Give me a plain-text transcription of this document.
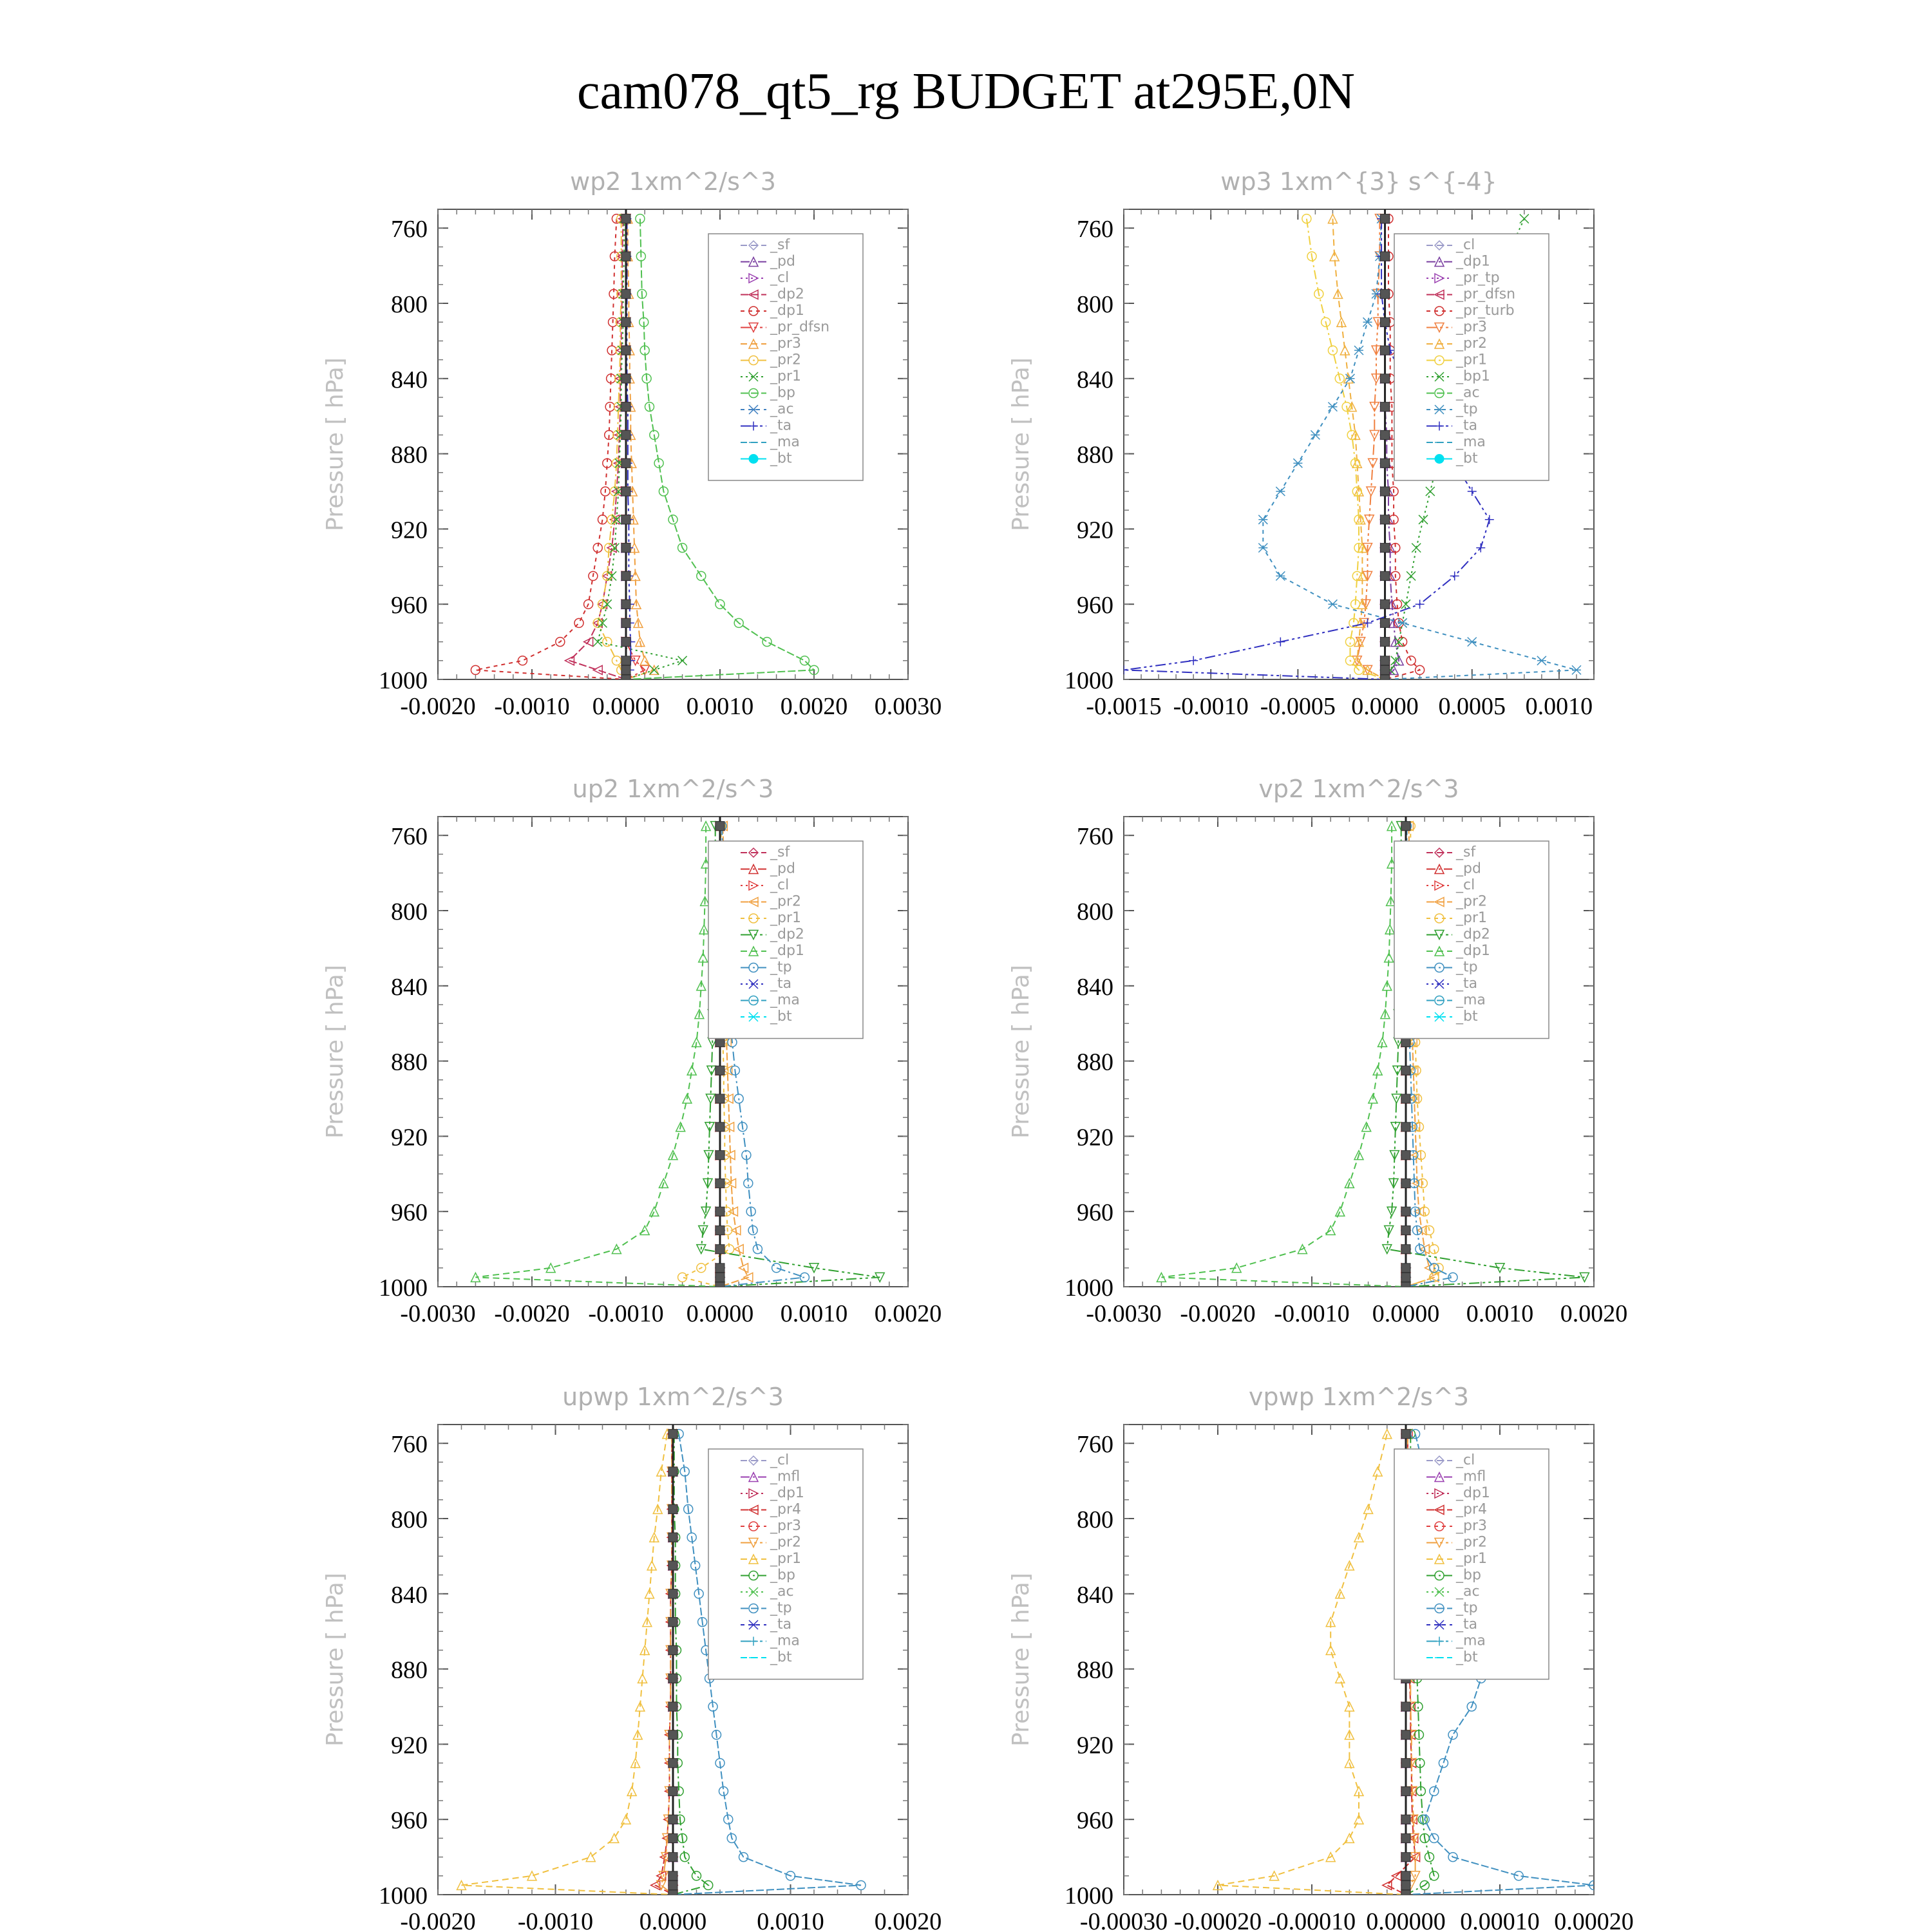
cam078_qt5_rg BUDGET at295E,0N
wp2 1xm^2/s^3
Pressure [ hPa]
760
800
840
880
920
960
1000
-0.0020 -0.0010 0.0000 0.0010 0.0020 0.0030
_sf
_pd
_cl
_dp2
_dp1
_pr_dfsn
_pr3
_pr2
_pr1
_bp
_ac
_ta
_ma
_bt
wp3 1xm^{3} s^{-4}
Pressure [ hPa]
760
800
840
880
920
960
1000
-0.0015 -0.0010 -0.0005 0.0000 0.0005 0.0010
_cl
_dp1
_pr_tp
_pr_dfsn
_pr_turb
_pr3
_pr2
_pr1
_bp1
_ac
_tp
_ta
_ma
_bt
up2 1xm^2/s^3
Pressure [ hPa]
760
800
840
880
920
960
1000
-0.0030 -0.0020 -0.0010 0.0000 0.0010 0.0020
_sf
_pd
_cl
_pr2
_pr1
_dp2
_dp1
_tp
_ta
_ma
_bt
vp2 1xm^2/s^3
Pressure [ hPa]
760
800
840
880
920
960
1000
-0.0030 -0.0020 -0.0010 0.0000 0.0010 0.0020
_sf
_pd
_cl
_pr2
_pr1
_dp2
_dp1
_tp
_ta
_ma
_bt
upwp 1xm^2/s^3
Pressure [ hPa]
760
800
840
880
920
960
1000
-0.0020 -0.0010 0.0000 0.0010 0.0020
_cl
_mfl
_dp1
_pr4
_pr3
_pr2
_pr1
_bp
_ac
_tp
_ta
_ma
_bt
vpwp 1xm^2/s^3
Pressure [ hPa]
760
800
840
880
920
960
1000
-0.00030 -0.00020 -0.00010 0.00000 0.00010 0.00020
_cl
_mfl
_dp1
_pr4
_pr3
_pr2
_pr1
_bp
_ac
_tp
_ta
_ma
_bt
